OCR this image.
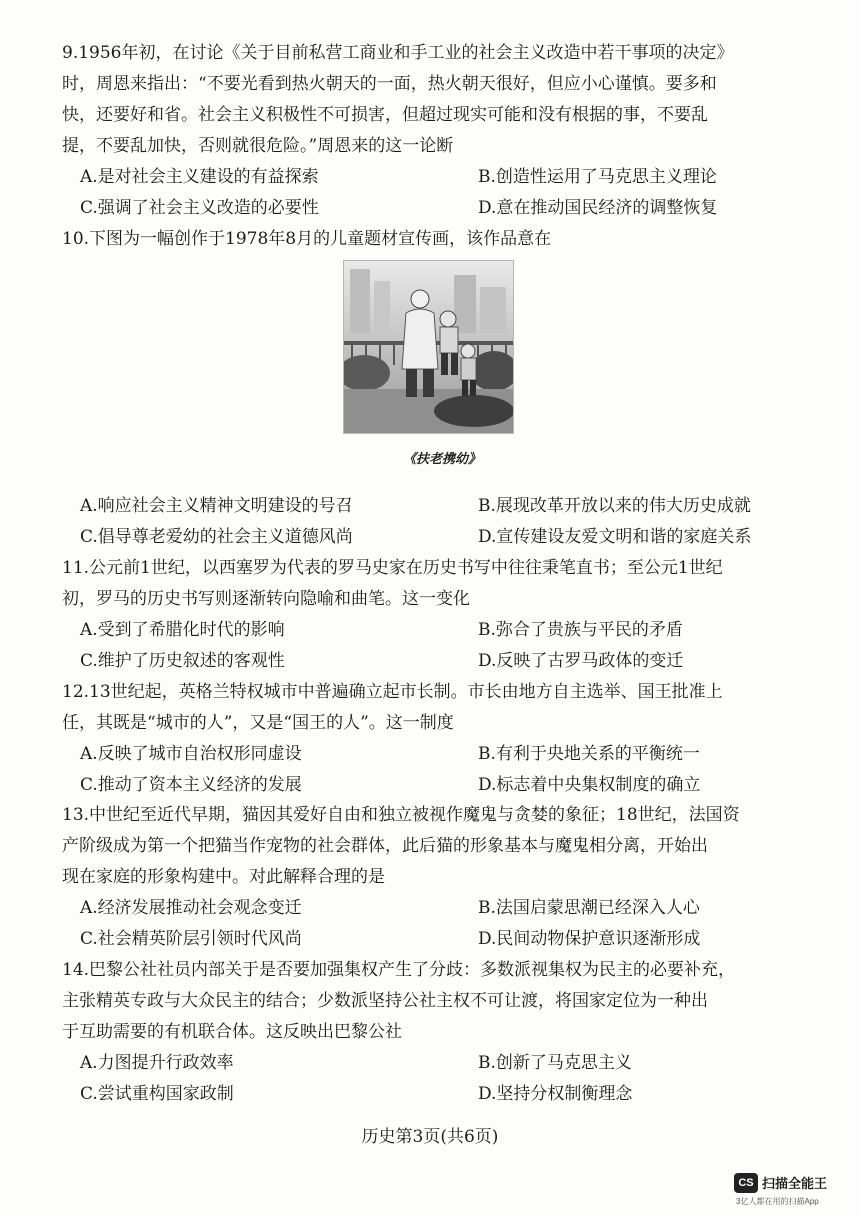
9.1956年初，在讨论《关于目前私营工商业和手工业的社会主义改造中若干事项的决定》
时，周恩来指出：“不要光看到热火朝天的一面，热火朝天很好，但应小心谨慎。要多和
快，还要好和省。社会主义积极性不可损害，但超过现实可能和没有根据的事，不要乱
提，不要乱加快，否则就很危险。”周恩来的这一论断

A.是对社会主义建设的有益探索	B.创造性运用了马克思主义理论
C.强调了社会主义改造的必要性	D.意在推动国民经济的调整恢复

10.下图为一幅创作于1978年8月的儿童题材宣传画，该作品意在

《扶老携幼》
A.响应社会主义精神文明建设的号召	B.展现改革开放以来的伟大历史成就
C.倡导尊老爱幼的社会主义道德风尚	D.宣传建设友爱文明和谐的家庭关系

11.公元前1世纪，以西塞罗为代表的罗马史家在历史书写中往往秉笔直书；至公元1世纪
初，罗马的历史书写则逐渐转向隐喻和曲笔。这一变化

A.受到了希腊化时代的影响	B.弥合了贵族与平民的矛盾
C.维护了历史叙述的客观性	D.反映了古罗马政体的变迁

12.13世纪起，英格兰特权城市中普遍确立起市长制。市长由地方自主选举、国王批准上
任，其既是“城市的人”，又是“国王的人”。这一制度

A.反映了城市自治权形同虚设	B.有利于央地关系的平衡统一
C.推动了资本主义经济的发展	D.标志着中央集权制度的确立

13.中世纪至近代早期，猫因其爱好自由和独立被视作魔鬼与贪婪的象征；18世纪，法国资
产阶级成为第一个把猫当作宠物的社会群体，此后猫的形象基本与魔鬼相分离，开始出
现在家庭的形象构建中。对此解释合理的是

A.经济发展推动社会观念变迁	B.法国启蒙思潮已经深入人心
C.社会精英阶层引领时代风尚	D.民间动物保护意识逐渐形成

14.巴黎公社社员内部关于是否要加强集权产生了分歧：多数派视集权为民主的必要补充，
主张精英专政与大众民主的结合；少数派坚持公社主权不可让渡，将国家定位为一种出
于互助需要的有机联合体。这反映出巴黎公社

A.力图提升行政效率	B.创新了马克思主义
C.尝试重构国家政制	D.坚持分权制衡理念
历史第3页(共6页)
CS 扫描全能王
3亿人都在用的扫描App
